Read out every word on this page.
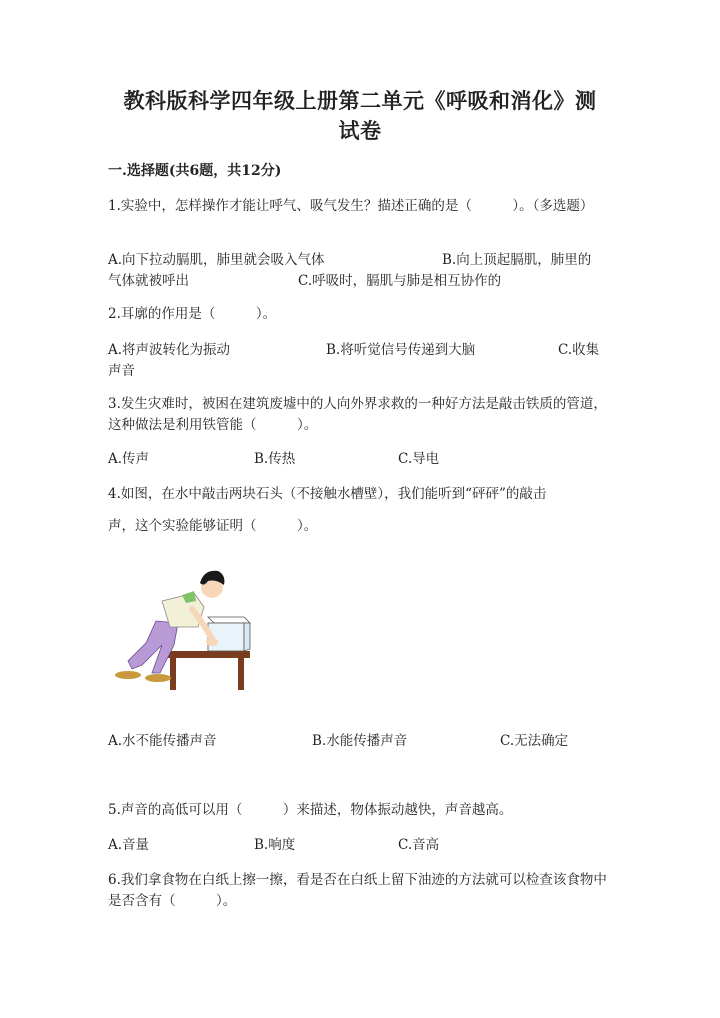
教科版科学四年级上册第二单元《呼吸和消化》测
试卷
一.选择题(共6题，共12分)
1.实验中，怎样操作才能让呼气、吸气发生？描述正确的是（　　　）。（多选题）
A.向下拉动膈肌，肺里就会吸入气体	B.向上顶起膈肌，肺里的
气体就被呼出	C.呼吸时，膈肌与肺是相互协作的
2.耳廓的作用是（　　　）。
A.将声波转化为振动	B.将听觉信号传递到大脑	C.收集
声音
3.发生灾难时，被困在建筑废墟中的人向外界求救的一种好方法是敲击铁质的管道，这种做法是利用铁管能（　　　）。
A.传声	B.传热	C.导电
4.如图，在水中敲击两块石头（不接触水槽壁），我们能听到“砰砰”的敲击
声，这个实验能够证明（　　　）。
A.水不能传播声音	B.水能传播声音	C.无法确定
5.声音的高低可以用（　　　）来描述，物体振动越快，声音越高。
A.音量	B.响度	C.音高
6.我们拿食物在白纸上擦一擦，看是否在白纸上留下油迹的方法就可以检查该食物中是否含有（　　　）。
